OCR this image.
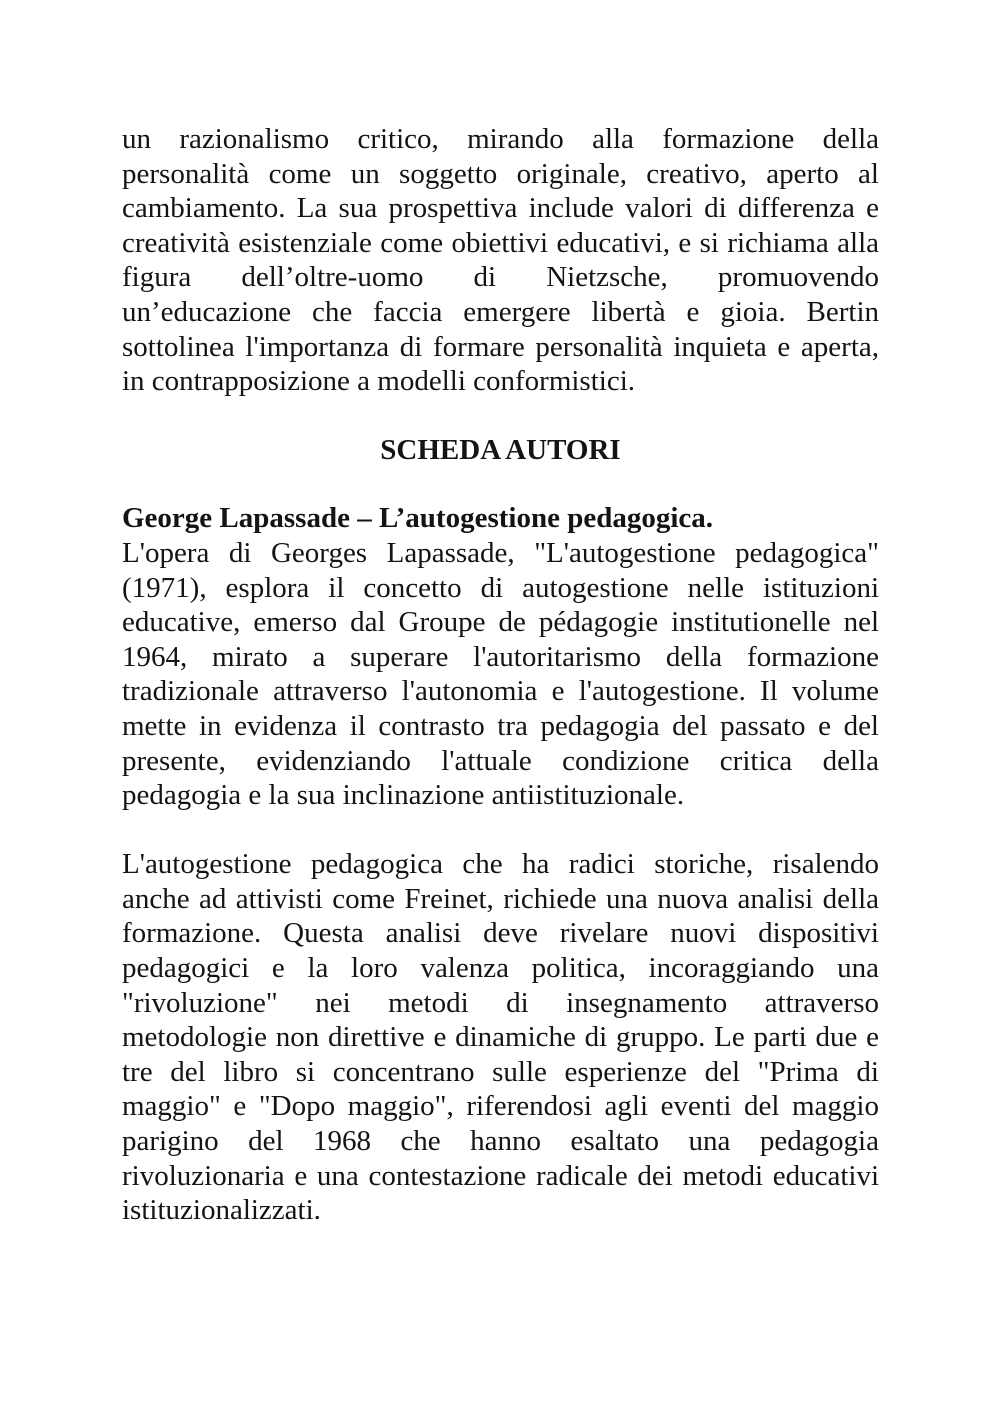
un razionalismo critico, mirando alla formazione della personalità come un soggetto originale, creativo, aperto al cambiamento. La sua prospettiva include valori di differenza e creatività esistenziale come obiettivi educativi, e si richiama alla figura dell’oltre-uomo di Nietzsche, promuovendo un’educazione che faccia emergere libertà e gioia. Bertin sottolinea l'importanza di formare personalità inquieta e aperta, in contrapposizione a modelli conformistici.

SCHEDA AUTORI

George Lapassade – L’autogestione pedagogica.

L'opera di Georges Lapassade, "L'autogestione pedagogica" (1971), esplora il concetto di autogestione nelle istituzioni educative, emerso dal Groupe de pédagogie institutionelle nel 1964, mirato a superare l'autoritarismo della formazione tradizionale attraverso l'autonomia e l'autogestione. Il volume mette in evidenza il contrasto tra pedagogia del passato e del presente, evidenziando l'attuale condizione critica della pedagogia e la sua inclinazione antiistituzionale.

L'autogestione pedagogica che ha radici storiche, risalendo anche ad attivisti come Freinet, richiede una nuova analisi della formazione. Questa analisi deve rivelare nuovi dispositivi pedagogici e la loro valenza politica, incoraggiando una "rivoluzione" nei metodi di insegnamento attraverso metodologie non direttive e dinamiche di gruppo. Le parti due e tre del libro si concentrano sulle esperienze del "Prima di maggio" e "Dopo maggio", riferendosi agli eventi del maggio parigino del 1968 che hanno esaltato una pedagogia rivoluzionaria e una contestazione radicale dei metodi educativi istituzionalizzati.
